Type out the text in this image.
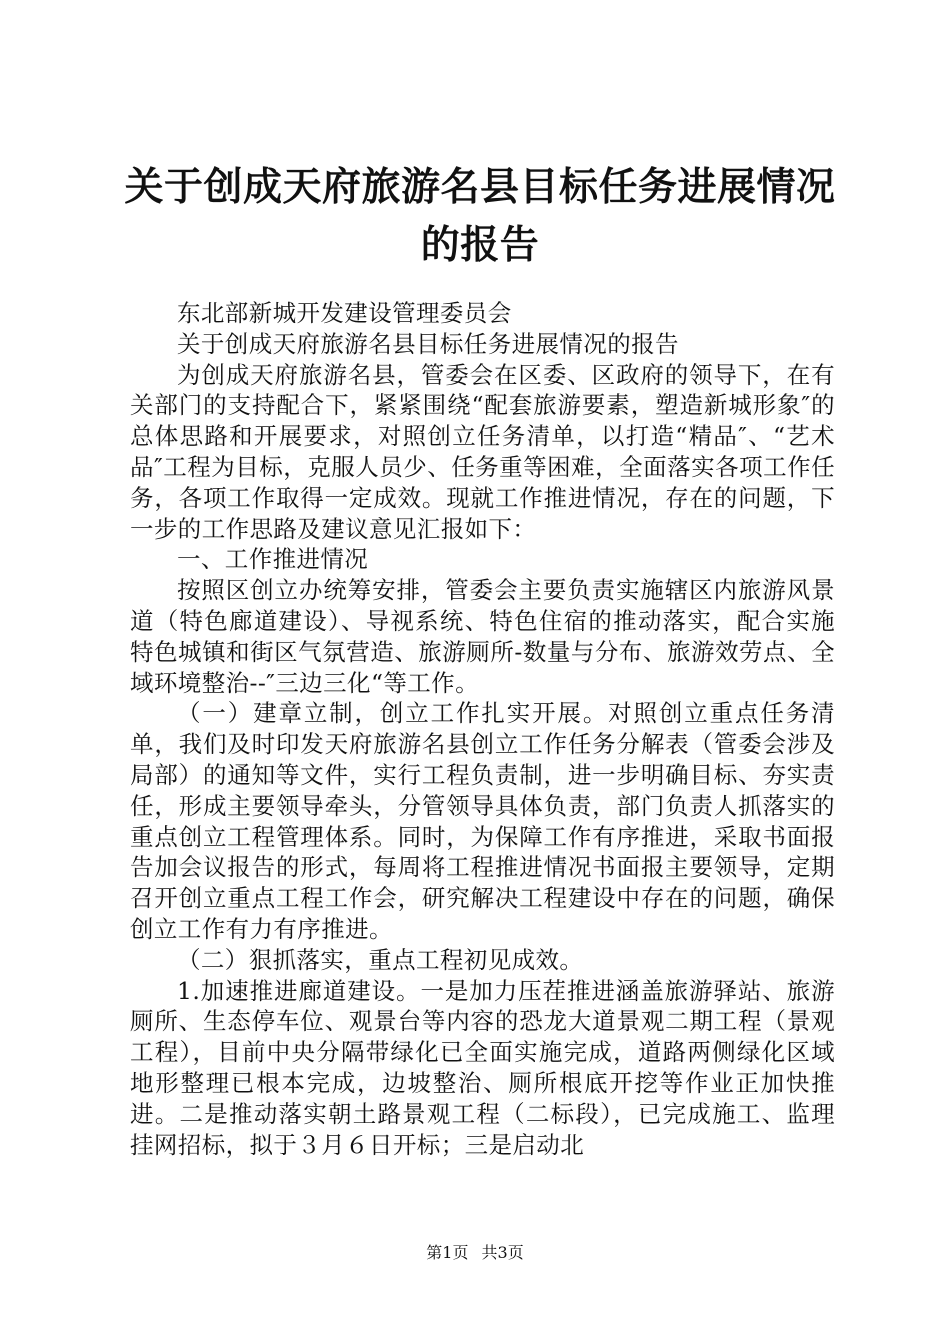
关于创成天府旅游名县目标任务进展情况的报告

东北部新城开发建设管理委员会

关于创成天府旅游名县目标任务进展情况的报告

为创成天府旅游名县，管委会在区委、区政府的领导下，在有关部门的支持配合下，紧紧围绕“配套旅游要素，塑造新城形象″的总体思路和开展要求，对照创立任务清单，以打造“精品″、“艺术品″工程为目标，克服人员少、任务重等困难，全面落实各项工作任务，各项工作取得一定成效。现就工作推进情况，存在的问题，下一步的工作思路及建议意见汇报如下：

一、工作推进情况

按照区创立办统筹安排，管委会主要负责实施辖区内旅游风景道（特色廊道建设）、导视系统、特色住宿的推动落实，配合实施特色城镇和街区气氛营造、旅游厕所-数量与分布、旅游效劳点、全域环境整治--″三边三化“等工作。

（一）建章立制，创立工作扎实开展。对照创立重点任务清单，我们及时印发天府旅游名县创立工作任务分解表（管委会涉及局部）的通知等文件，实行工程负责制，进一步明确目标、夯实责任，形成主要领导牵头，分管领导具体负责，部门负责人抓落实的重点创立工程管理体系。同时，为保障工作有序推进，采取书面报告加会议报告的形式，每周将工程推进情况书面报主要领导，定期召开创立重点工程工作会，研究解决工程建设中存在的问题，确保创立工作有力有序推进。

（二）狠抓落实，重点工程初见成效。

1.加速推进廊道建设。一是加力压茬推进涵盖旅游驿站、旅游厕所、生态停车位、观景台等内容的恐龙大道景观二期工程（景观工程），目前中央分隔带绿化已全面实施完成，道路两侧绿化区域地形整理已根本完成，边坡整治、厕所根底开挖等作业正加快推进。二是推动落实朝土路景观工程（二标段），已完成施工、监理挂网招标，拟于３月６日开标；三是启动北

第1页 共3页
